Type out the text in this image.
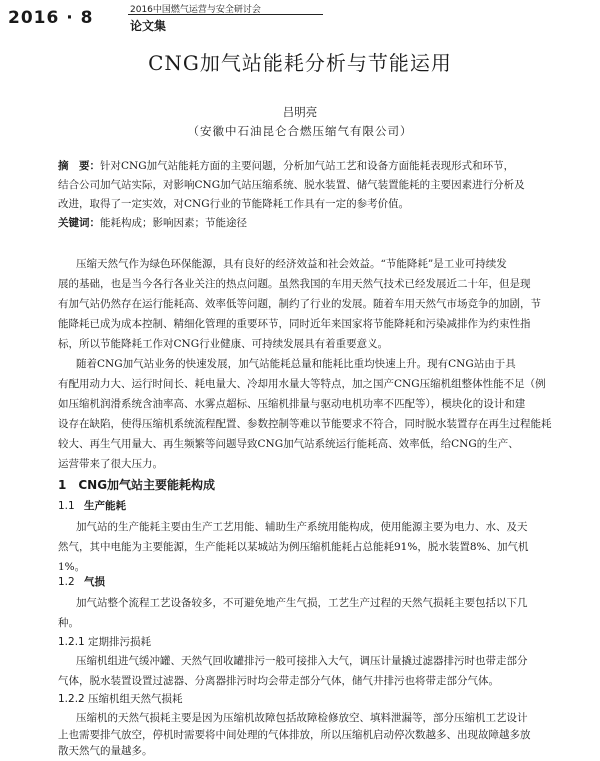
2016 · 8	2016中国燃气运营与安全研讨会
论文集
CNG加气站能耗分析与节能运用
吕明亮
（安徽中石油昆仑合燃压缩气有限公司）
摘　要：针对CNG加气站能耗方面的主要问题，分析加气站工艺和设备方面能耗表现形式和环节，
结合公司加气站实际，对影响CNG加气站压缩系统、脱水装置、储气装置能耗的主要因素进行分析及
改进，取得了一定实效，对CNG行业的节能降耗工作具有一定的参考价值。
关键词：能耗构成；影响因素；节能途径
压缩天然气作为绿色环保能源，具有良好的经济效益和社会效益。“节能降耗”是工业可持续发
展的基础，也是当今各行各业关注的热点问题。虽然我国的车用天然气技术已经发展近二十年，但是现
有加气站仍然存在运行能耗高、效率低等问题，制约了行业的发展。随着车用天然气市场竞争的加剧，节
能降耗已成为成本控制、精细化管理的重要环节，同时近年来国家将节能降耗和污染减排作为约束性指
标，所以节能降耗工作对CNG行业健康、可持续发展具有着重要意义。
随着CNG加气站业务的快速发展，加气站能耗总量和能耗比重均快速上升。现有CNG站由于具
有配用动力大、运行时间长、耗电量大、冷却用水量大等特点，加之国产CNG压缩机组整体性能不足（例
如压缩机润滑系统含油率高、水雾点超标、压缩机排量与驱动电机功率不匹配等），模块化的设计和建
设存在缺陷，使得压缩机系统流程配置、参数控制等难以节能要求不符合，同时脱水装置存在再生过程能耗
较大、再生气用量大、再生频繁等问题导致CNG加气站系统运行能耗高、效率低，给CNG的生产、
运营带来了很大压力。
1　CNG加气站主要能耗构成
1.1 生产能耗
加气站的生产能耗主要由生产工艺用能、辅助生产系统用能构成，使用能源主要为电力、水、及天
然气，其中电能为主要能源，生产能耗以某城站为例压缩机能耗占总能耗91%，脱水装置8%、加气机
1%。
1.2 气损
加气站整个流程工艺设备较多，不可避免地产生气损，工艺生产过程的天然气损耗主要包括以下几
种。
1.2.1 定期排污损耗
压缩机组进气缓冲罐、天然气回收罐排污一般可接排入大气，调压计量撬过滤器排污时也带走部分
气体，脱水装置设置过滤器、分离器排污时均会带走部分气体，储气井排污也将带走部分气体。
1.2.2 压缩机组天然气损耗
压缩机的天然气损耗主要是因为压缩机故障包括故障检修放空、填料泄漏等，部分压缩机工艺设计
上也需要排气放空，停机时需要将中间处理的气体排放，所以压缩机启动停次数越多、出现故障越多放
散天然气的量越多。
